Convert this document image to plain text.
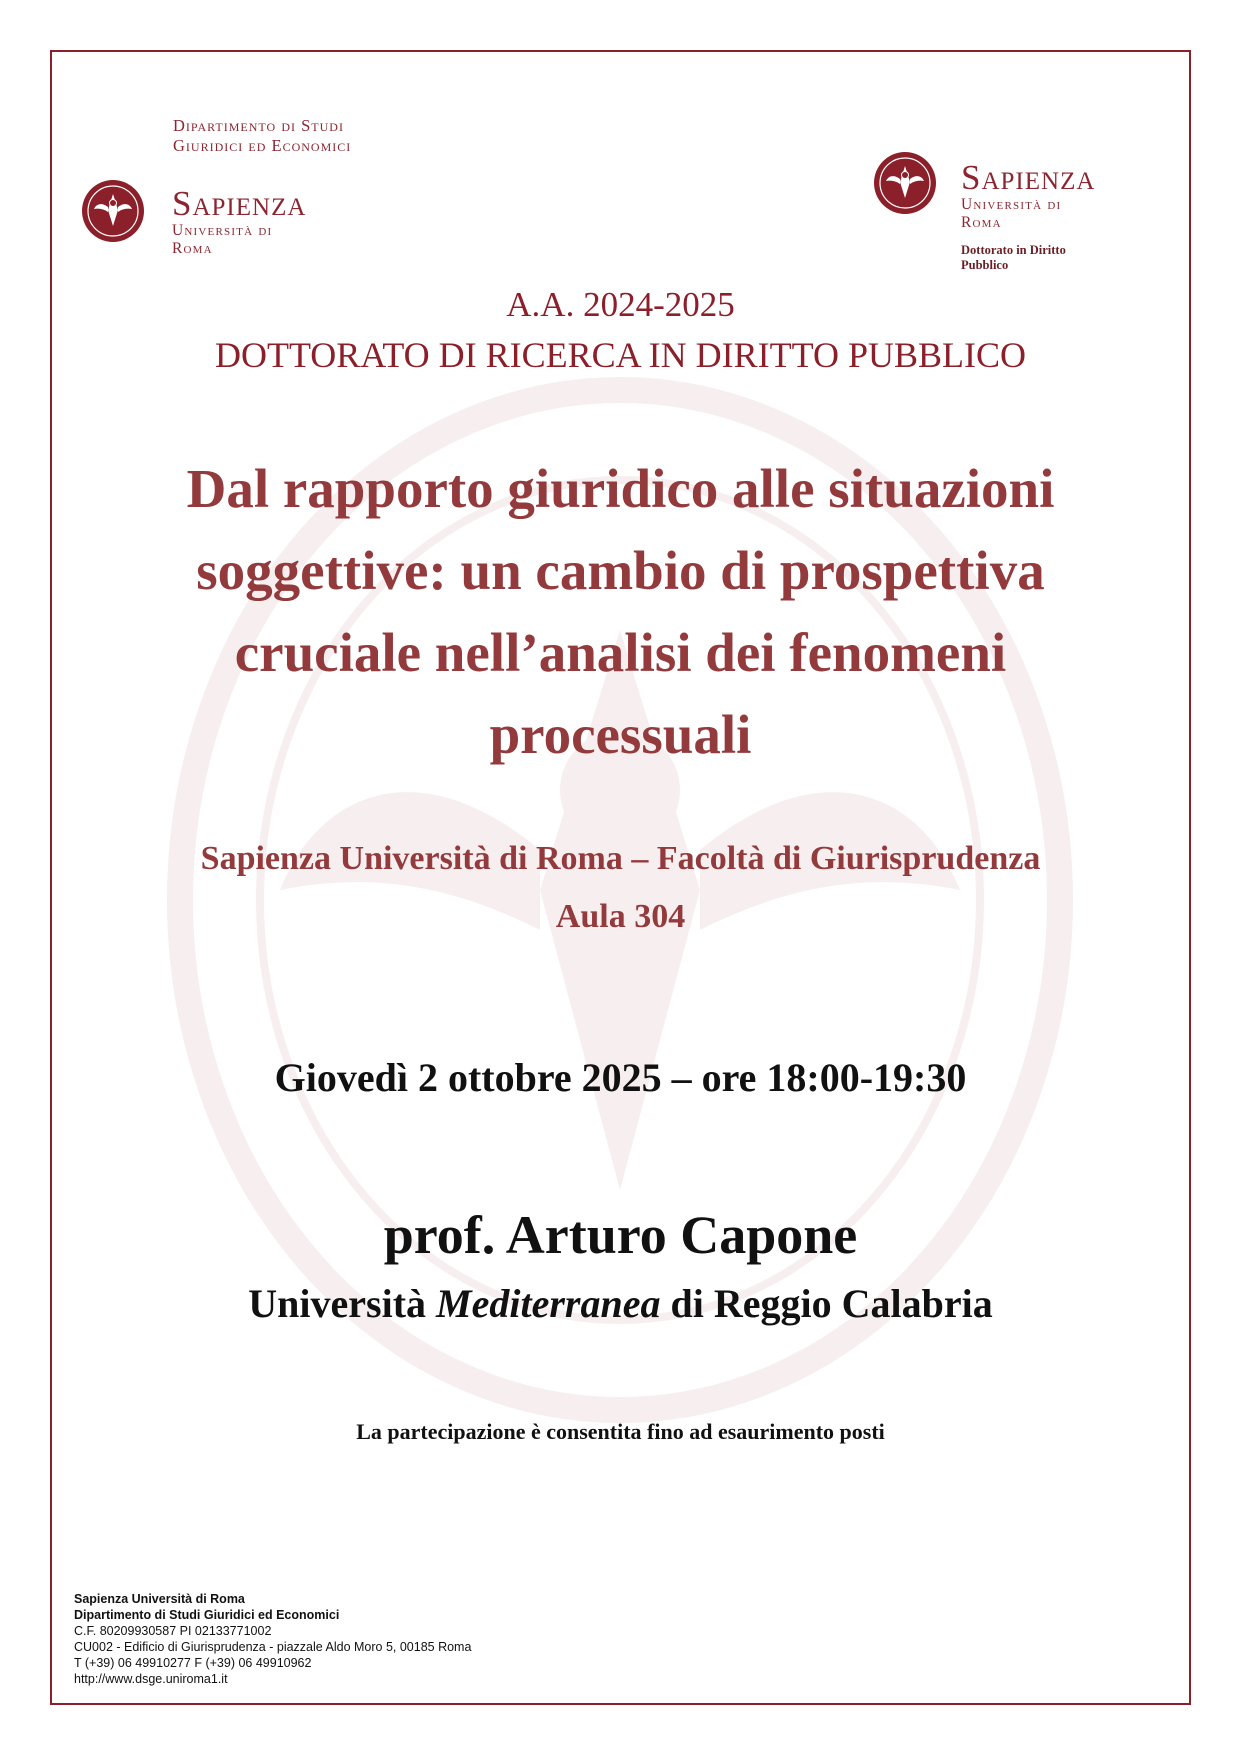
Dipartimento di Studi
Giuridici ed Economici
Sapienza
Università di Roma
Sapienza
Università di Roma
Dottorato in Diritto Pubblico
A.A. 2024-2025
DOTTORATO DI RICERCA IN DIRITTO PUBBLICO
Dal rapporto giuridico alle situazioni soggettive: un cambio di prospettiva cruciale nell’analisi dei fenomeni processuali
Sapienza Università di Roma – Facoltà di Giurisprudenza
Aula 304
Giovedì 2 ottobre 2025 – ore 18:00-19:30
prof. Arturo Capone
Università Mediterranea di Reggio Calabria
La partecipazione è consentita fino ad esaurimento posti
Sapienza Università di Roma
Dipartimento di Studi Giuridici ed Economici
C.F. 80209930587 PI 02133771002
CU002 - Edificio di Giurisprudenza - piazzale Aldo Moro 5, 00185 Roma
T (+39) 06 49910277 F (+39) 06 49910962
http://www.dsge.uniroma1.it
